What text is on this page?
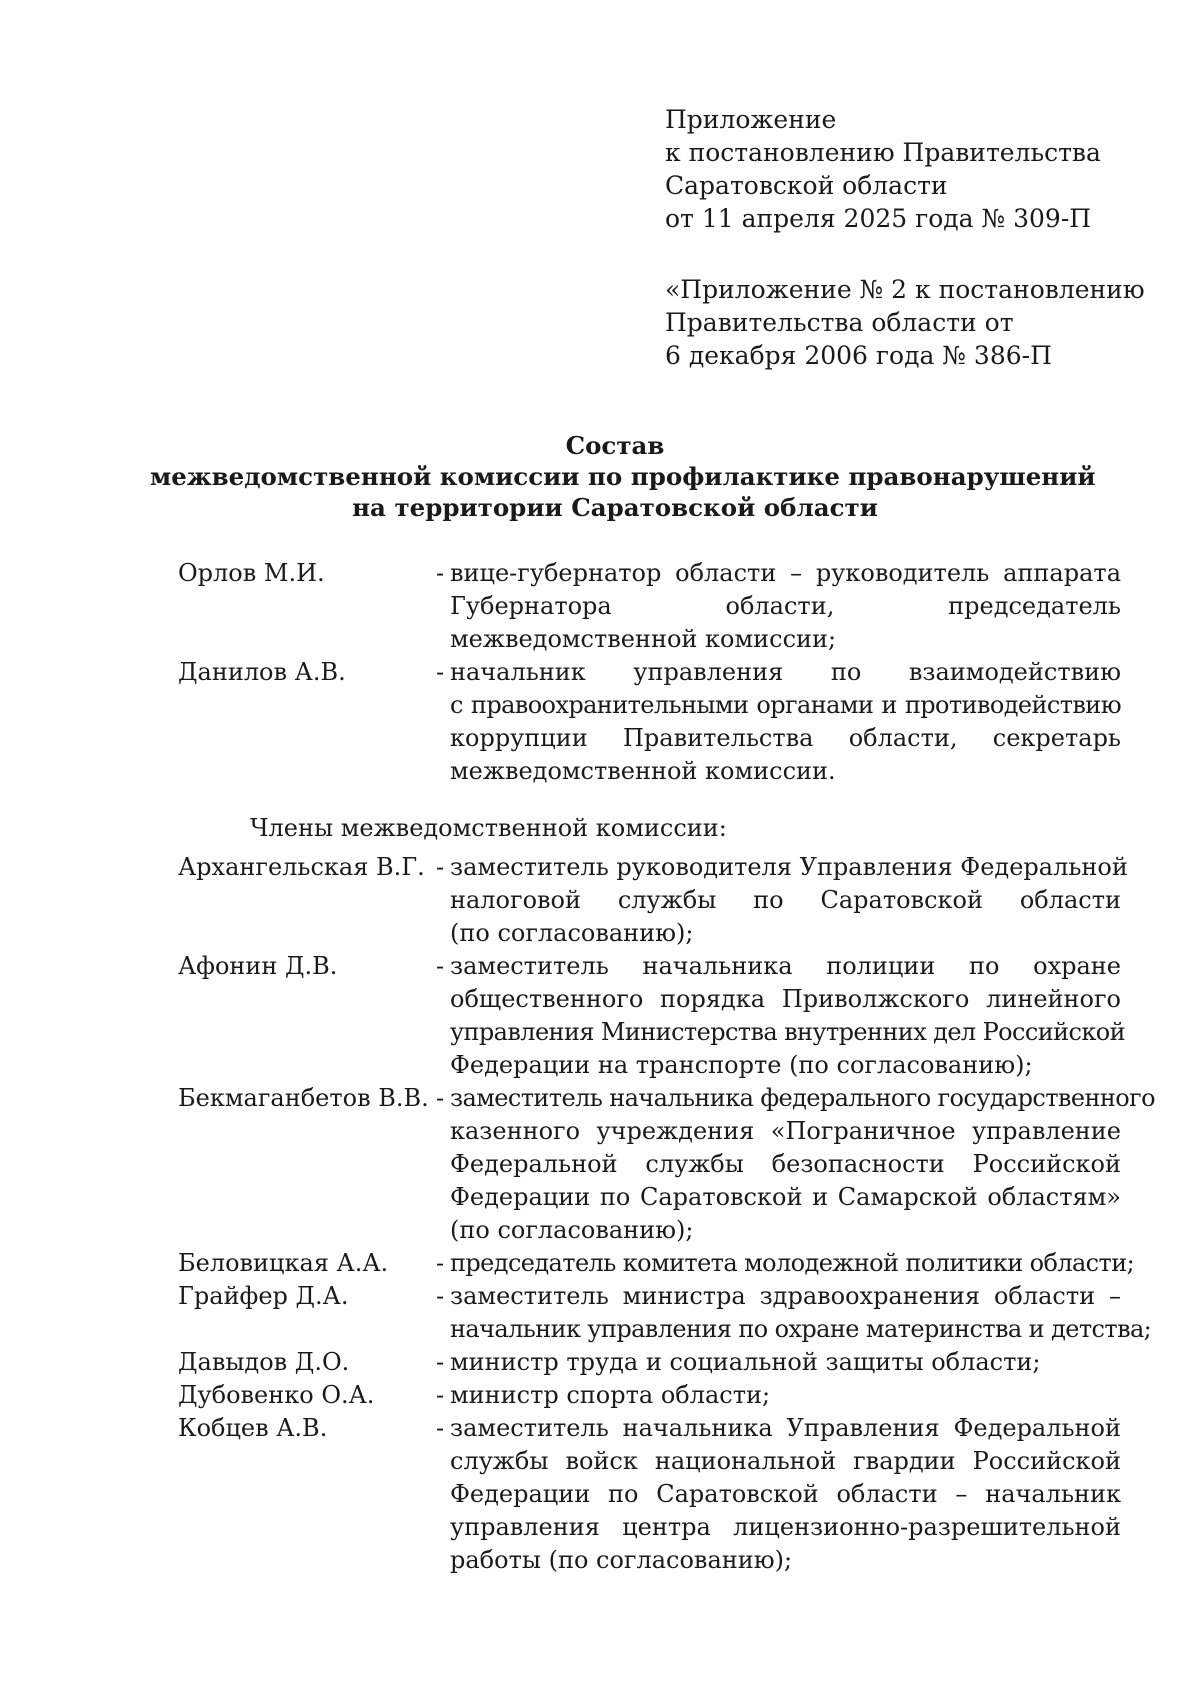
Приложение

к постановлению Правительства

Саратовской области

от 11 апреля 2025 года № 309-П

«Приложение № 2 к постановлению

Правительства области от

6 декабря 2006 года № 386-П

Состав

межведомственной комиссии по профилактике правонарушений

на территории Саратовской области

Орлов М.И.	- вице-губернатор области – руководитель аппарата
Губернатора области, председатель
межведомственной комиссии;
Данилов А.В.	- начальник управления по взаимодействию
с правоохранительными органами и противодействию
коррупции Правительства области, секретарь
межведомственной комиссии.
Члены межведомственной комиссии:
Архангельская В.Г. - заместитель руководителя Управления Федеральной
налоговой службы по Саратовской области
(по согласованию);
Афонин Д.В.	- заместитель начальника полиции по охране
общественного порядка Приволжского линейного
управления Министерства внутренних дел Российской
Федерации на транспорте (по согласованию);
Бекмаганбетов В.В. - заместитель начальника федерального государственного
казенного учреждения «Пограничное управление
Федеральной службы безопасности Российской
Федерации по Саратовской и Самарской областям»
(по согласованию);
Беловицкая А.А.	- председатель комитета молодежной политики области;
Грайфер Д.А.	- заместитель министра здравоохранения области –
начальник управления по охране материнства и детства;
Давыдов Д.О.	- министр труда и социальной защиты области;
Дубовенко О.А.	- министр спорта области;
Кобцев А.В.	- заместитель начальника Управления Федеральной
службы войск национальной гвардии Российской
Федерации по Саратовской области – начальник
управления центра лицензионно-разрешительной
работы (по согласованию);
